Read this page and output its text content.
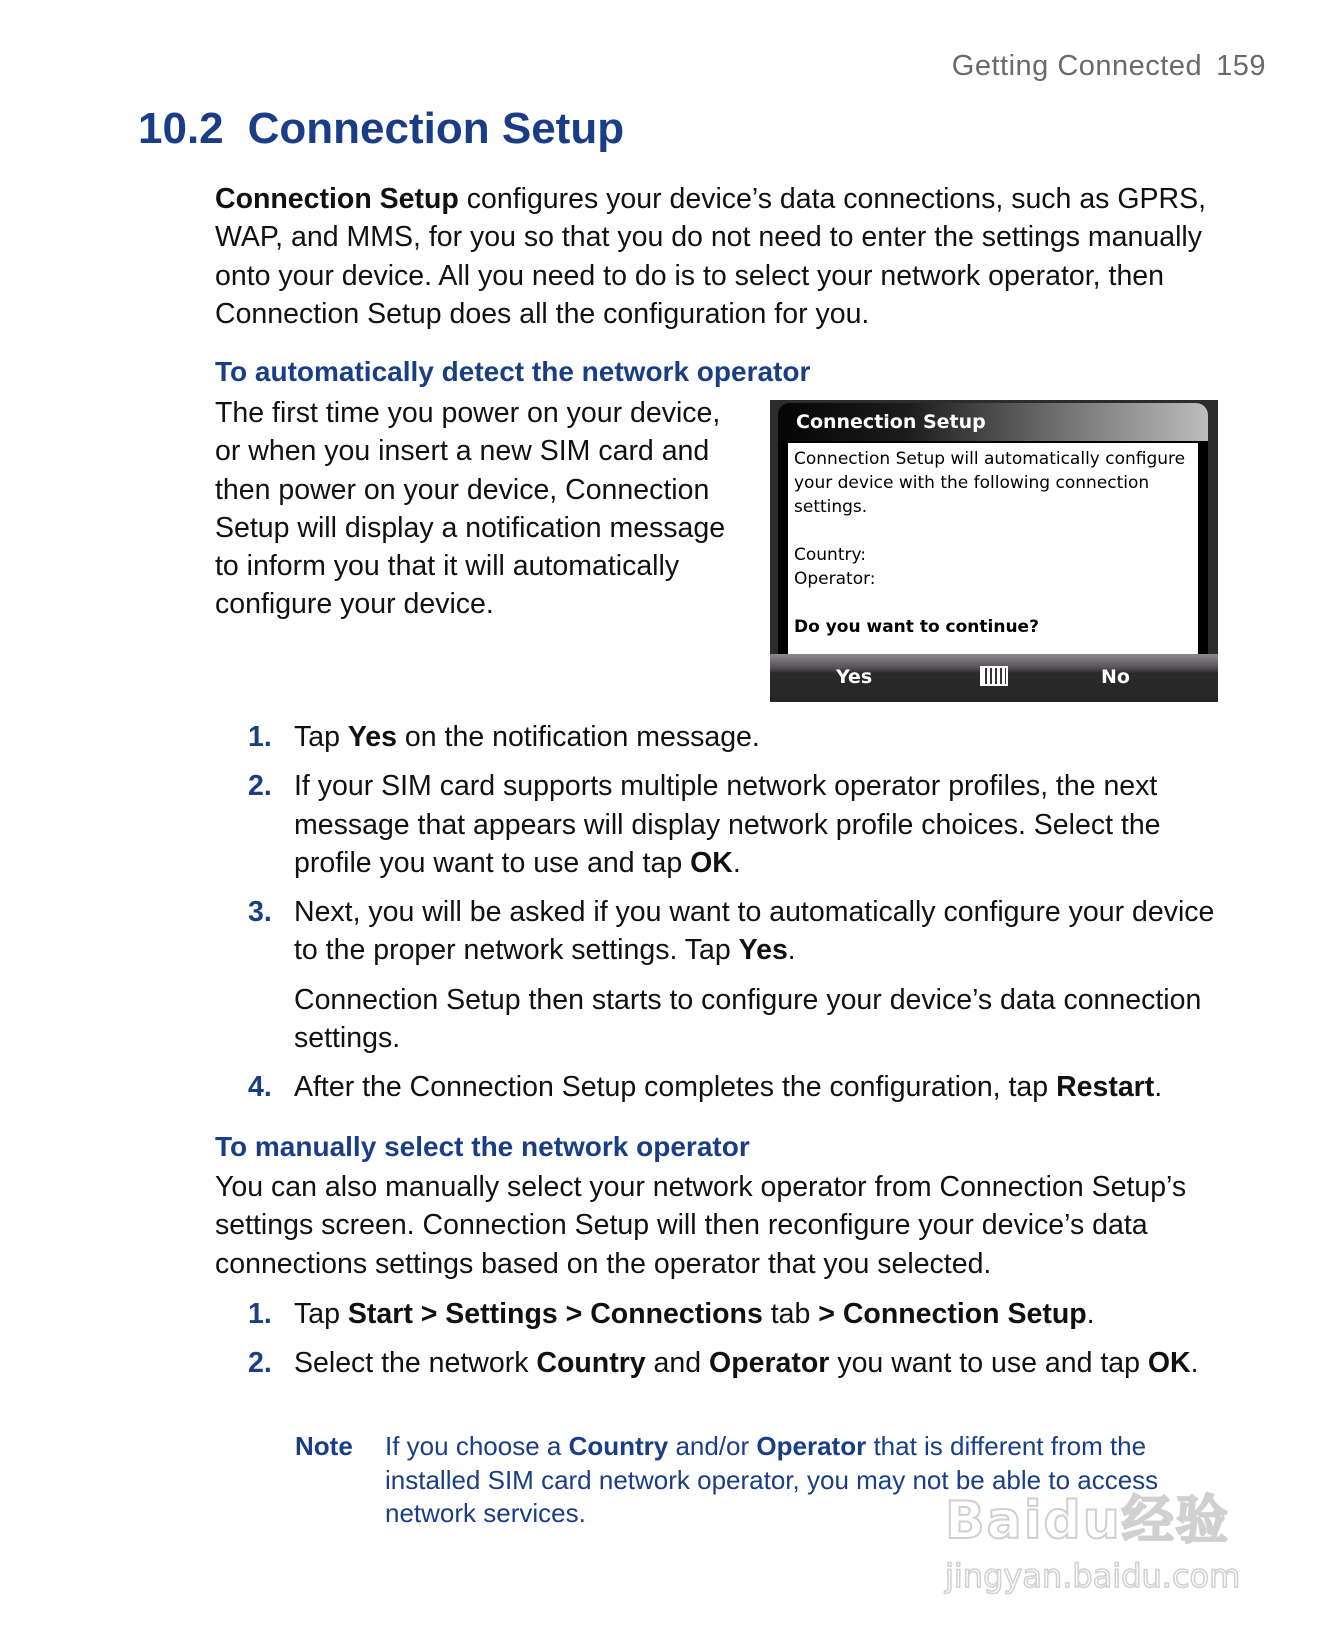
Getting Connected 159
10.2 Connection Setup
Connection Setup configures your device’s data connections, such as GPRS, WAP, and MMS, for you so that you do not need to enter the settings manually onto your device. All you need to do is to select your network operator, then Connection Setup does all the configuration for you.
To automatically detect the network operator
The first time you power on your device, or when you insert a new SIM card and then power on your device, Connection Setup will display a notification message to inform you that it will automatically configure your device.
Connection Setup
Connection Setup will automatically configure your device with the following connection settings.
Country:
Operator:
Do you want to continue?
Yes	No
1. Tap Yes on the notification message.
2. If your SIM card supports multiple network operator profiles, the next message that appears will display network profile choices. Select the profile you want to use and tap OK.
3. Next, you will be asked if you want to automatically configure your device to the proper network settings. Tap Yes.
Connection Setup then starts to configure your device’s data connection settings.
4. After the Connection Setup completes the configuration, tap Restart.
To manually select the network operator
You can also manually select your network operator from Connection Setup’s settings screen. Connection Setup will then reconfigure your device’s data connections settings based on the operator that you selected.
1. Tap Start > Settings > Connections tab > Connection Setup.
2. Select the network Country and Operator you want to use and tap OK.
Note If you choose a Country and/or Operator that is different from the installed SIM card network operator, you may not be able to access network services.	Baidu经验
jingyan.baidu.com
